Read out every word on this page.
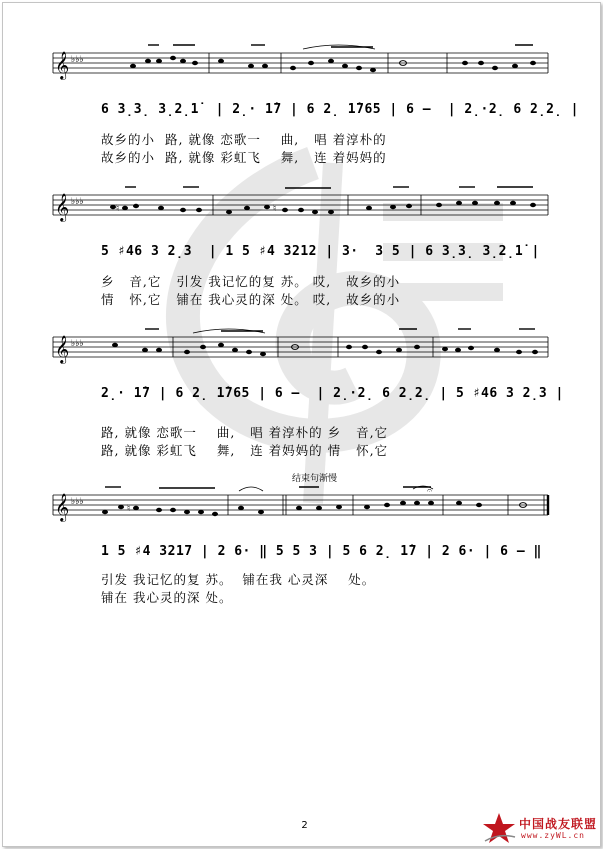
𝄞 ♭♭♭
6 3̣3̣ 3̣2̣1̇  | 2̣· 1̇7 | 6 2̣ 1̇765 | 6 –  | 2̣·2̣ 6 2̣2̣ |
故乡的小  路, 就像 恋歌一    曲,   唱 着淳朴的
故乡的小  路, 就像 彩虹飞    舞,   连 着妈妈的
𝄞 ♭♭♭
♮	♮
5 ♯46 3 2̣3  | 1 5 ♯4 3212 | 3·  3 5 | 6 3̣3̣ 3̣2̣1̇ |
乡   音,它   引发 我记忆的复 苏。 哎,   故乡的小
情   怀,它   铺在 我心灵的深 处。 哎,   故乡的小
𝄞 ♭♭♭
2̣· 1̇7 | 6 2̣ 1̇765 | 6 –  | 2̣·2̣ 6 2̣2̣ | 5 ♯46 3 2̣3 |
路, 就像 恋歌一    曲,   唱 着淳朴的 乡   音,它
路, 就像 彩虹飞    舞,   连 着妈妈的 情   怀,它
结束句渐慢
𝄞 ♭♭♭
♮
𝄐
1 5 ♯4 3217 | 2 6· ‖ 5 5 3 | 5 6 2̣ 1̇7 | 2 6· | 6 – ‖
引发 我记忆的复 苏。  铺在我 心灵深    处。
铺在 我心灵的深 处。
2	中国战友联盟
www.zyWL.cn
